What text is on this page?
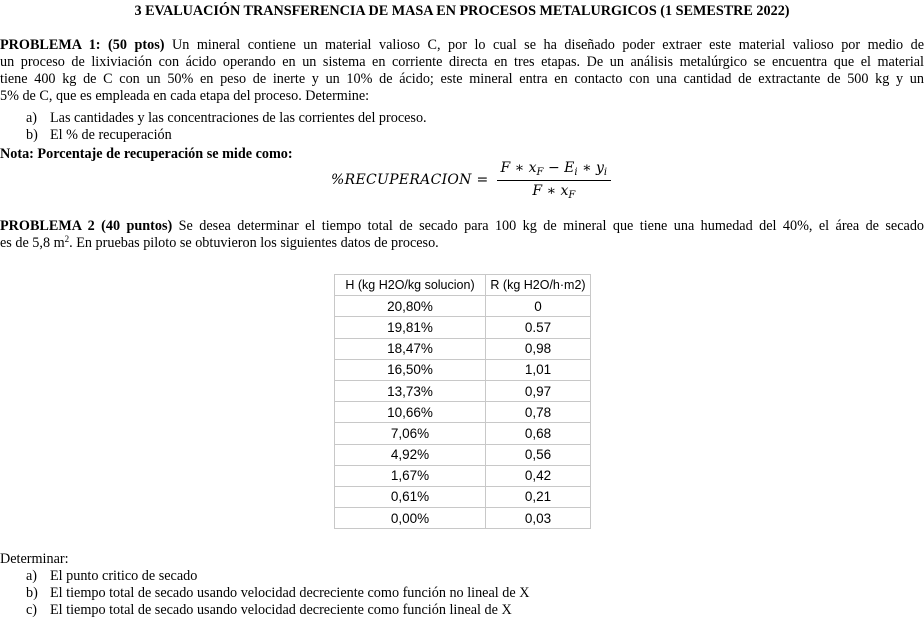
3 EVALUACIÓN TRANSFERENCIA DE MASA EN PROCESOS METALURGICOS (1 SEMESTRE 2022)
PROBLEMA 1: (50 ptos) Un mineral contiene un material valioso C, por lo cual se ha diseñado poder extraer este material valioso por medio de
un proceso de lixiviación con ácido operando en un sistema en corriente directa en tres etapas. De un análisis metalúrgico se encuentra que el material
tiene 400 kg de C con un 50% en peso de inerte y un 10% de ácido; este mineral entra en contacto con una cantidad de extractante de 500 kg y un
5% de C, que es empleada en cada etapa del proceso. Determine:
a) Las cantidades y las concentraciones de las corrientes del proceso.
b) El % de recuperación
Nota: Porcentaje de recuperación se mide como:
%RECUPERACION = $\frac{F ∗ x_F - E_i ∗ y_i}{F ∗ x_F}$
PROBLEMA 2 (40 puntos) Se desea determinar el tiempo total de secado para 100 kg de mineral que tiene una humedad del 40%, el área de secado
es de 5,8 $m^2$. En pruebas piloto se obtuvieron los siguientes datos de proceso.
H (kg H2O/kg solucion)	R (kg H2O/h·m2)
20,80%	0
19,81%	0.57
18,47%	0,98
16,50%	1,01
13,73%	0,97
10,66%	0,78
7,06%	0,68
4,92%	0,56
1,67%	0,42
0,61%	0,21
0,00%	0,03
Determinar:
a) El punto critico de secado
b) El tiempo total de secado usando velocidad decreciente como función no lineal de X
c) El tiempo total de secado usando velocidad decreciente como función lineal de X
